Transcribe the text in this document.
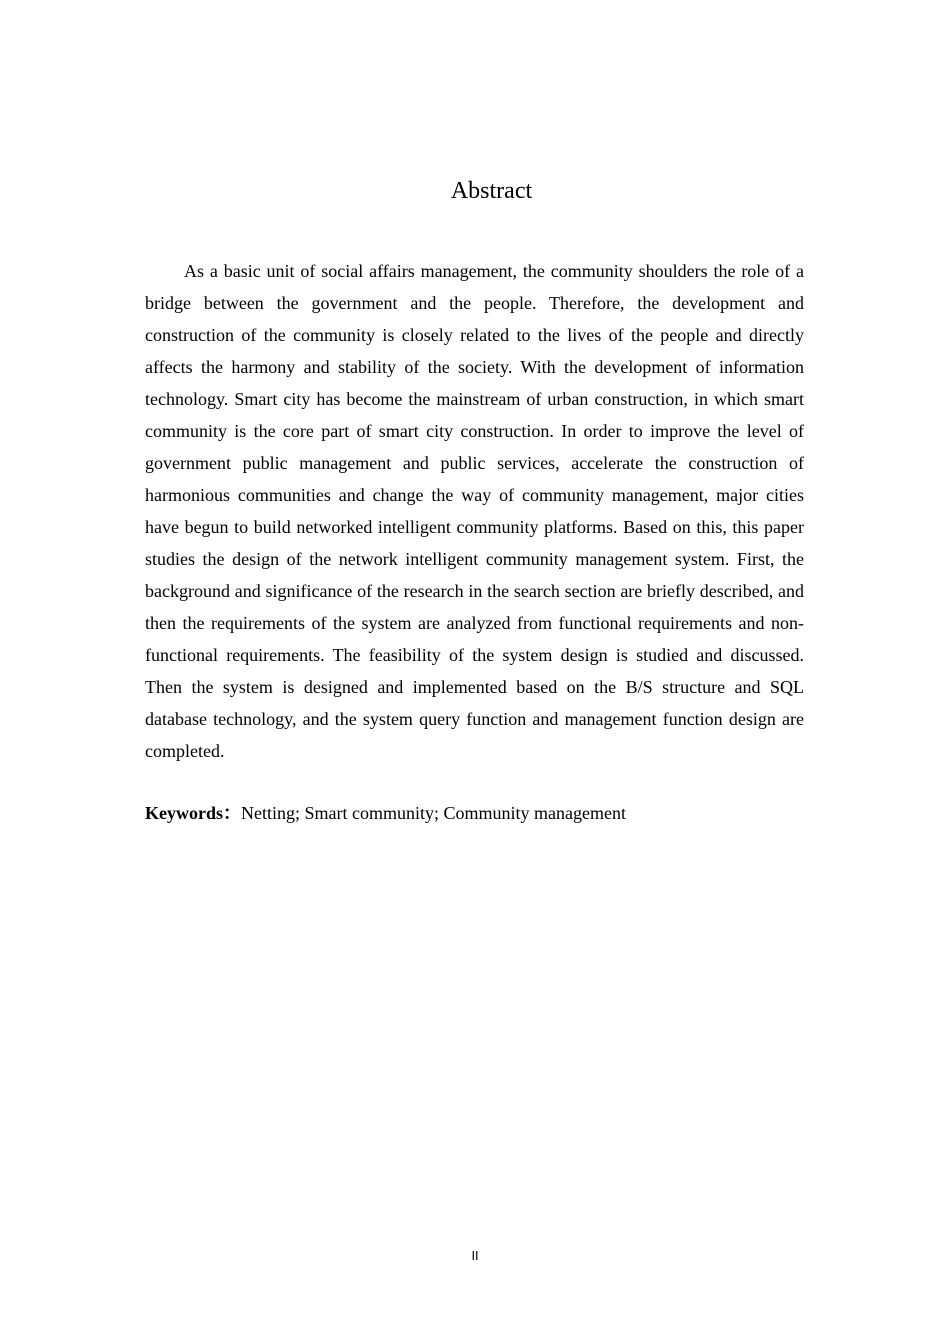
Abstract

As a basic unit of social affairs management, the community shoulders the role of a bridge between the government and the people. Therefore, the development and construction of the community is closely related to the lives of the people and directly affects the harmony and stability of the society. With the development of information technology. Smart city has become the mainstream of urban construction, in which smart community is the core part of smart city construction. In order to improve the level of government public management and public services, accelerate the construction of harmonious communities and change the way of community management, major cities have begun to build networked intelligent community platforms. Based on this, this paper studies the design of the network intelligent community management system. First, the background and significance of the research in the search section are briefly described, and then the requirements of the system are analyzed from functional requirements and non-functional requirements. The feasibility of the system design is studied and discussed. Then the system is designed and implemented based on the B/S structure and SQL database technology, and the system query function and management function design are completed.

Keywords：Netting; Smart community; Community management

II
